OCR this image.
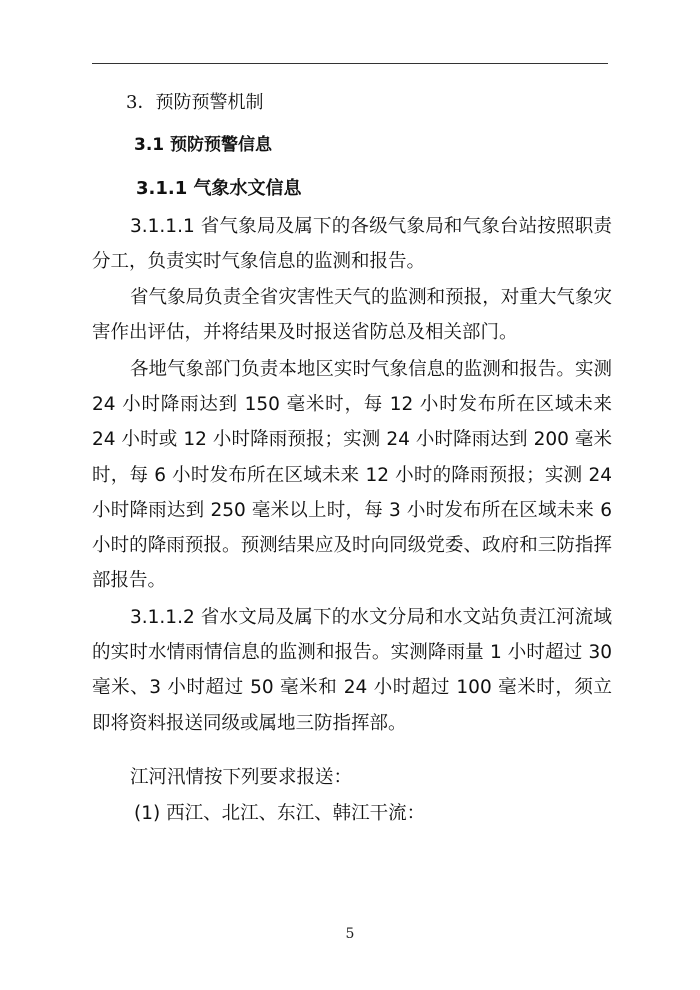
3．预防预警机制
3.1 预防预警信息
3.1.1 气象水文信息

3.1.1.1 省气象局及属下的各级气象局和气象台站按照职责分工，负责实时气象信息的监测和报告。

省气象局负责全省灾害性天气的监测和预报，对重大气象灾害作出评估，并将结果及时报送省防总及相关部门。

各地气象部门负责本地区实时气象信息的监测和报告。实测 24 小时降雨达到 150 毫米时，每 12 小时发布所在区域未来 24 小时或 12 小时降雨预报；实测 24 小时降雨达到 200 毫米时，每 6 小时发布所在区域未来 12 小时的降雨预报；实测 24 小时降雨达到 250 毫米以上时，每 3 小时发布所在区域未来 6 小时的降雨预报。预测结果应及时向同级党委、政府和三防指挥部报告。

3.1.1.2 省水文局及属下的水文分局和水文站负责江河流域的实时水情雨情信息的监测和报告。实测降雨量 1 小时超过 30 毫米、3 小时超过 50 毫米和 24 小时超过 100 毫米时，须立即将资料报送同级或属地三防指挥部。

江河汛情按下列要求报送：

(1) 西江、北江、东江、韩江干流：

5
